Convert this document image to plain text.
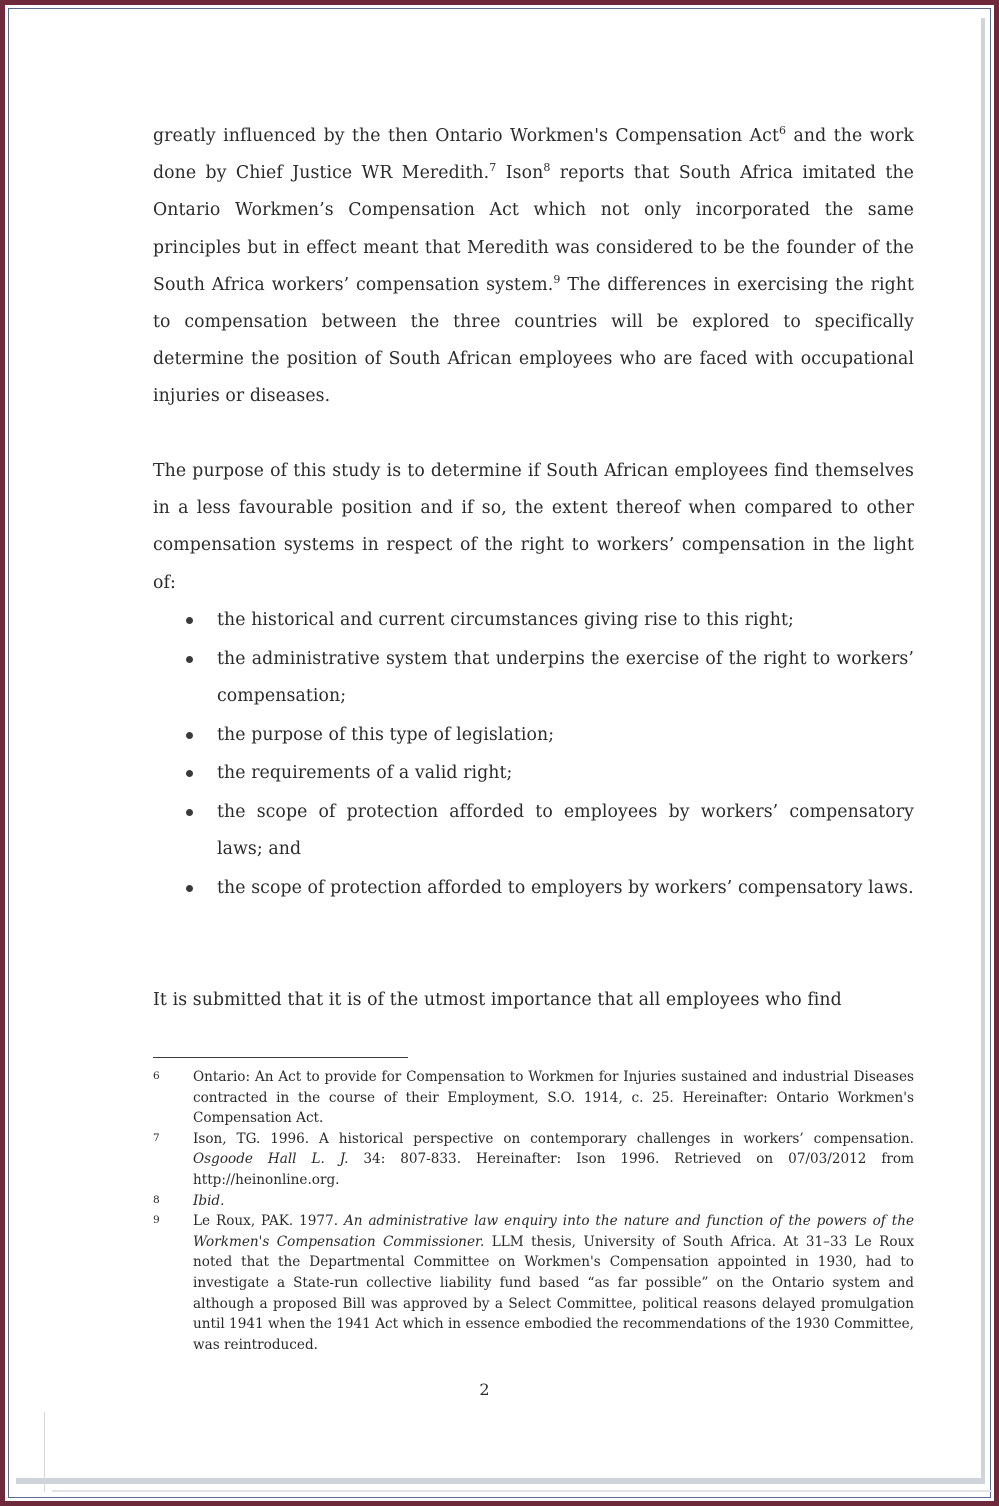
greatly influenced by the then Ontario Workmen's Compensation Act$^6$ and the work done by Chief Justice WR Meredith.$^7$ Ison$^8$ reports that South Africa imitated the Ontario Workmen’s Compensation Act which not only incorporated the same principles but in effect meant that Meredith was considered to be the founder of the South Africa workers’ compensation system.$^9$ The differences in exercising the right to compensation between the three countries will be explored to specifically determine the position of South African employees who are faced with occupational injuries or diseases.
The purpose of this study is to determine if South African employees find themselves in a less favourable position and if so, the extent thereof when compared to other compensation systems in respect of the right to workers’ compensation in the light of:
the historical and current circumstances giving rise to this right;
the administrative system that underpins the exercise of the right to workers’ compensation;
the purpose of this type of legislation;
the requirements of a valid right;
the scope of protection afforded to employees by workers’ compensatory laws; and
the scope of protection afforded to employers by workers’ compensatory laws.
It is submitted that it is of the utmost importance that all employees who find
6 Ontario: An Act to provide for Compensation to Workmen for Injuries sustained and industrial Diseases contracted in the course of their Employment, S.O. 1914, c. 25. Hereinafter: Ontario Workmen's Compensation Act.
7 Ison, TG. 1996. A historical perspective on contemporary challenges in workers’ compensation. Osgoode Hall L. J. 34: 807-833. Hereinafter: Ison 1996. Retrieved on 07/03/2012 from http://heinonline.org.
8 Ibid.
9 Le Roux, PAK. 1977. An administrative law enquiry into the nature and function of the powers of the Workmen's Compensation Commissioner. LLM thesis, University of South Africa. At 31–33 Le Roux noted that the Departmental Committee on Workmen's Compensation appointed in 1930, had to investigate a State-run collective liability fund based “as far possible” on the Ontario system and although a proposed Bill was approved by a Select Committee, political reasons delayed promulgation until 1941 when the 1941 Act which in essence embodied the recommendations of the 1930 Committee, was reintroduced.
2
